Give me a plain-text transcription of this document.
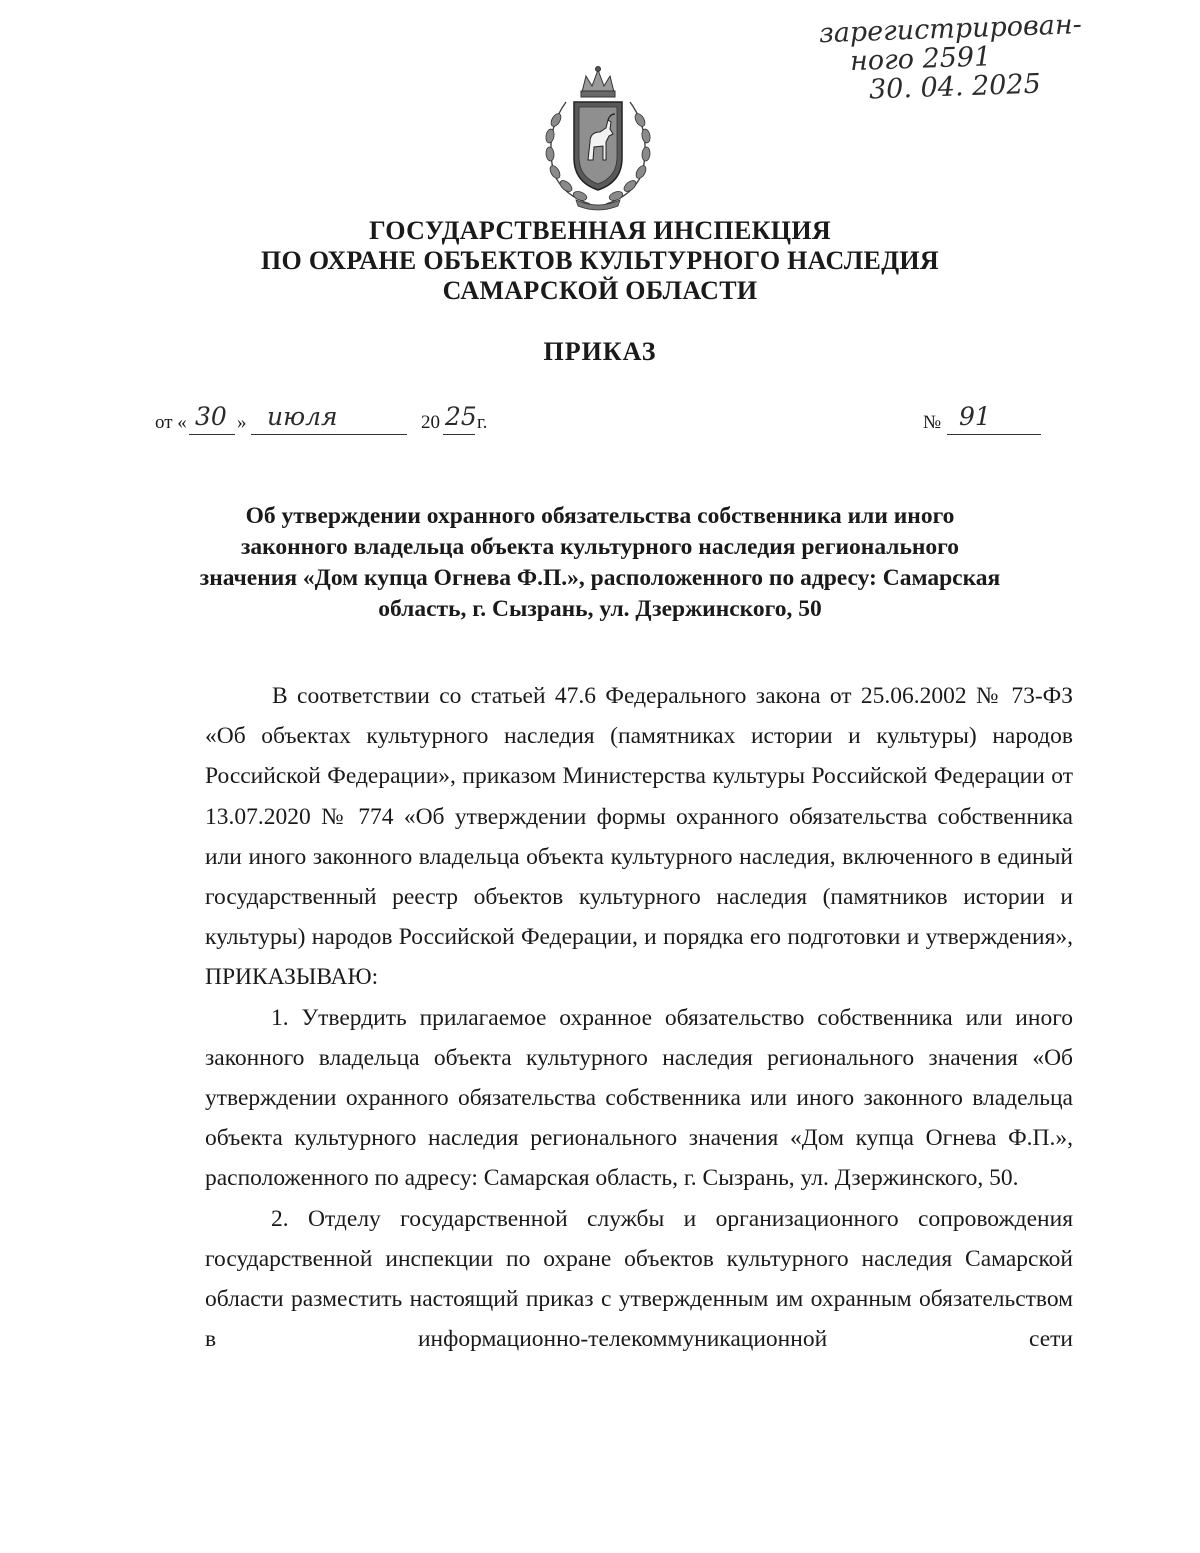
зарегистрирован-
ного 2591
30. 04. 2025
ГОСУДАРСТВЕННАЯ ИНСПЕКЦИЯ
ПО ОХРАНЕ ОБЪЕКТОВ КУЛЬТУРНОГО НАСЛЕДИЯ
САМАРСКОЙ ОБЛАСТИ
ПРИКАЗ
от « 30 » июля	20 25 г.	№ 91
Об утверждении охранного обязательства собственника или иного
законного владельца объекта культурного наследия регионального
значения «Дом купца Огнева Ф.П.», расположенного по адресу: Самарская
область, г. Сызрань, ул. Дзержинского, 50

В соответствии со статьей 47.6 Федерального закона от 25.06.2002 № 73-ФЗ «Об объектах культурного наследия (памятниках истории и культуры) народов Российской Федерации», приказом Министерства культуры Российской Федерации от 13.07.2020 № 774 «Об утверждении формы охранного обязательства собственника или иного законного владельца объекта культурного наследия, включенного в единый государственный реестр объектов культурного наследия (памятников истории и культуры) народов Российской Федерации, и порядка его подготовки и утверждения», ПРИКАЗЫВАЮ:

1. Утвердить прилагаемое охранное обязательство собственника или иного законного владельца объекта культурного наследия регионального значения «Об утверждении охранного обязательства собственника или иного законного владельца объекта культурного наследия регионального значения «Дом купца Огнева Ф.П.», расположенного по адресу: Самарская область, г. Сызрань, ул. Дзержинского, 50.

2. Отделу государственной службы и организационного сопровождения государственной инспекции по охране объектов культурного наследия Самарской области разместить настоящий приказ с утвержденным им охранным обязательством в информационно-телекоммуникационной сети
